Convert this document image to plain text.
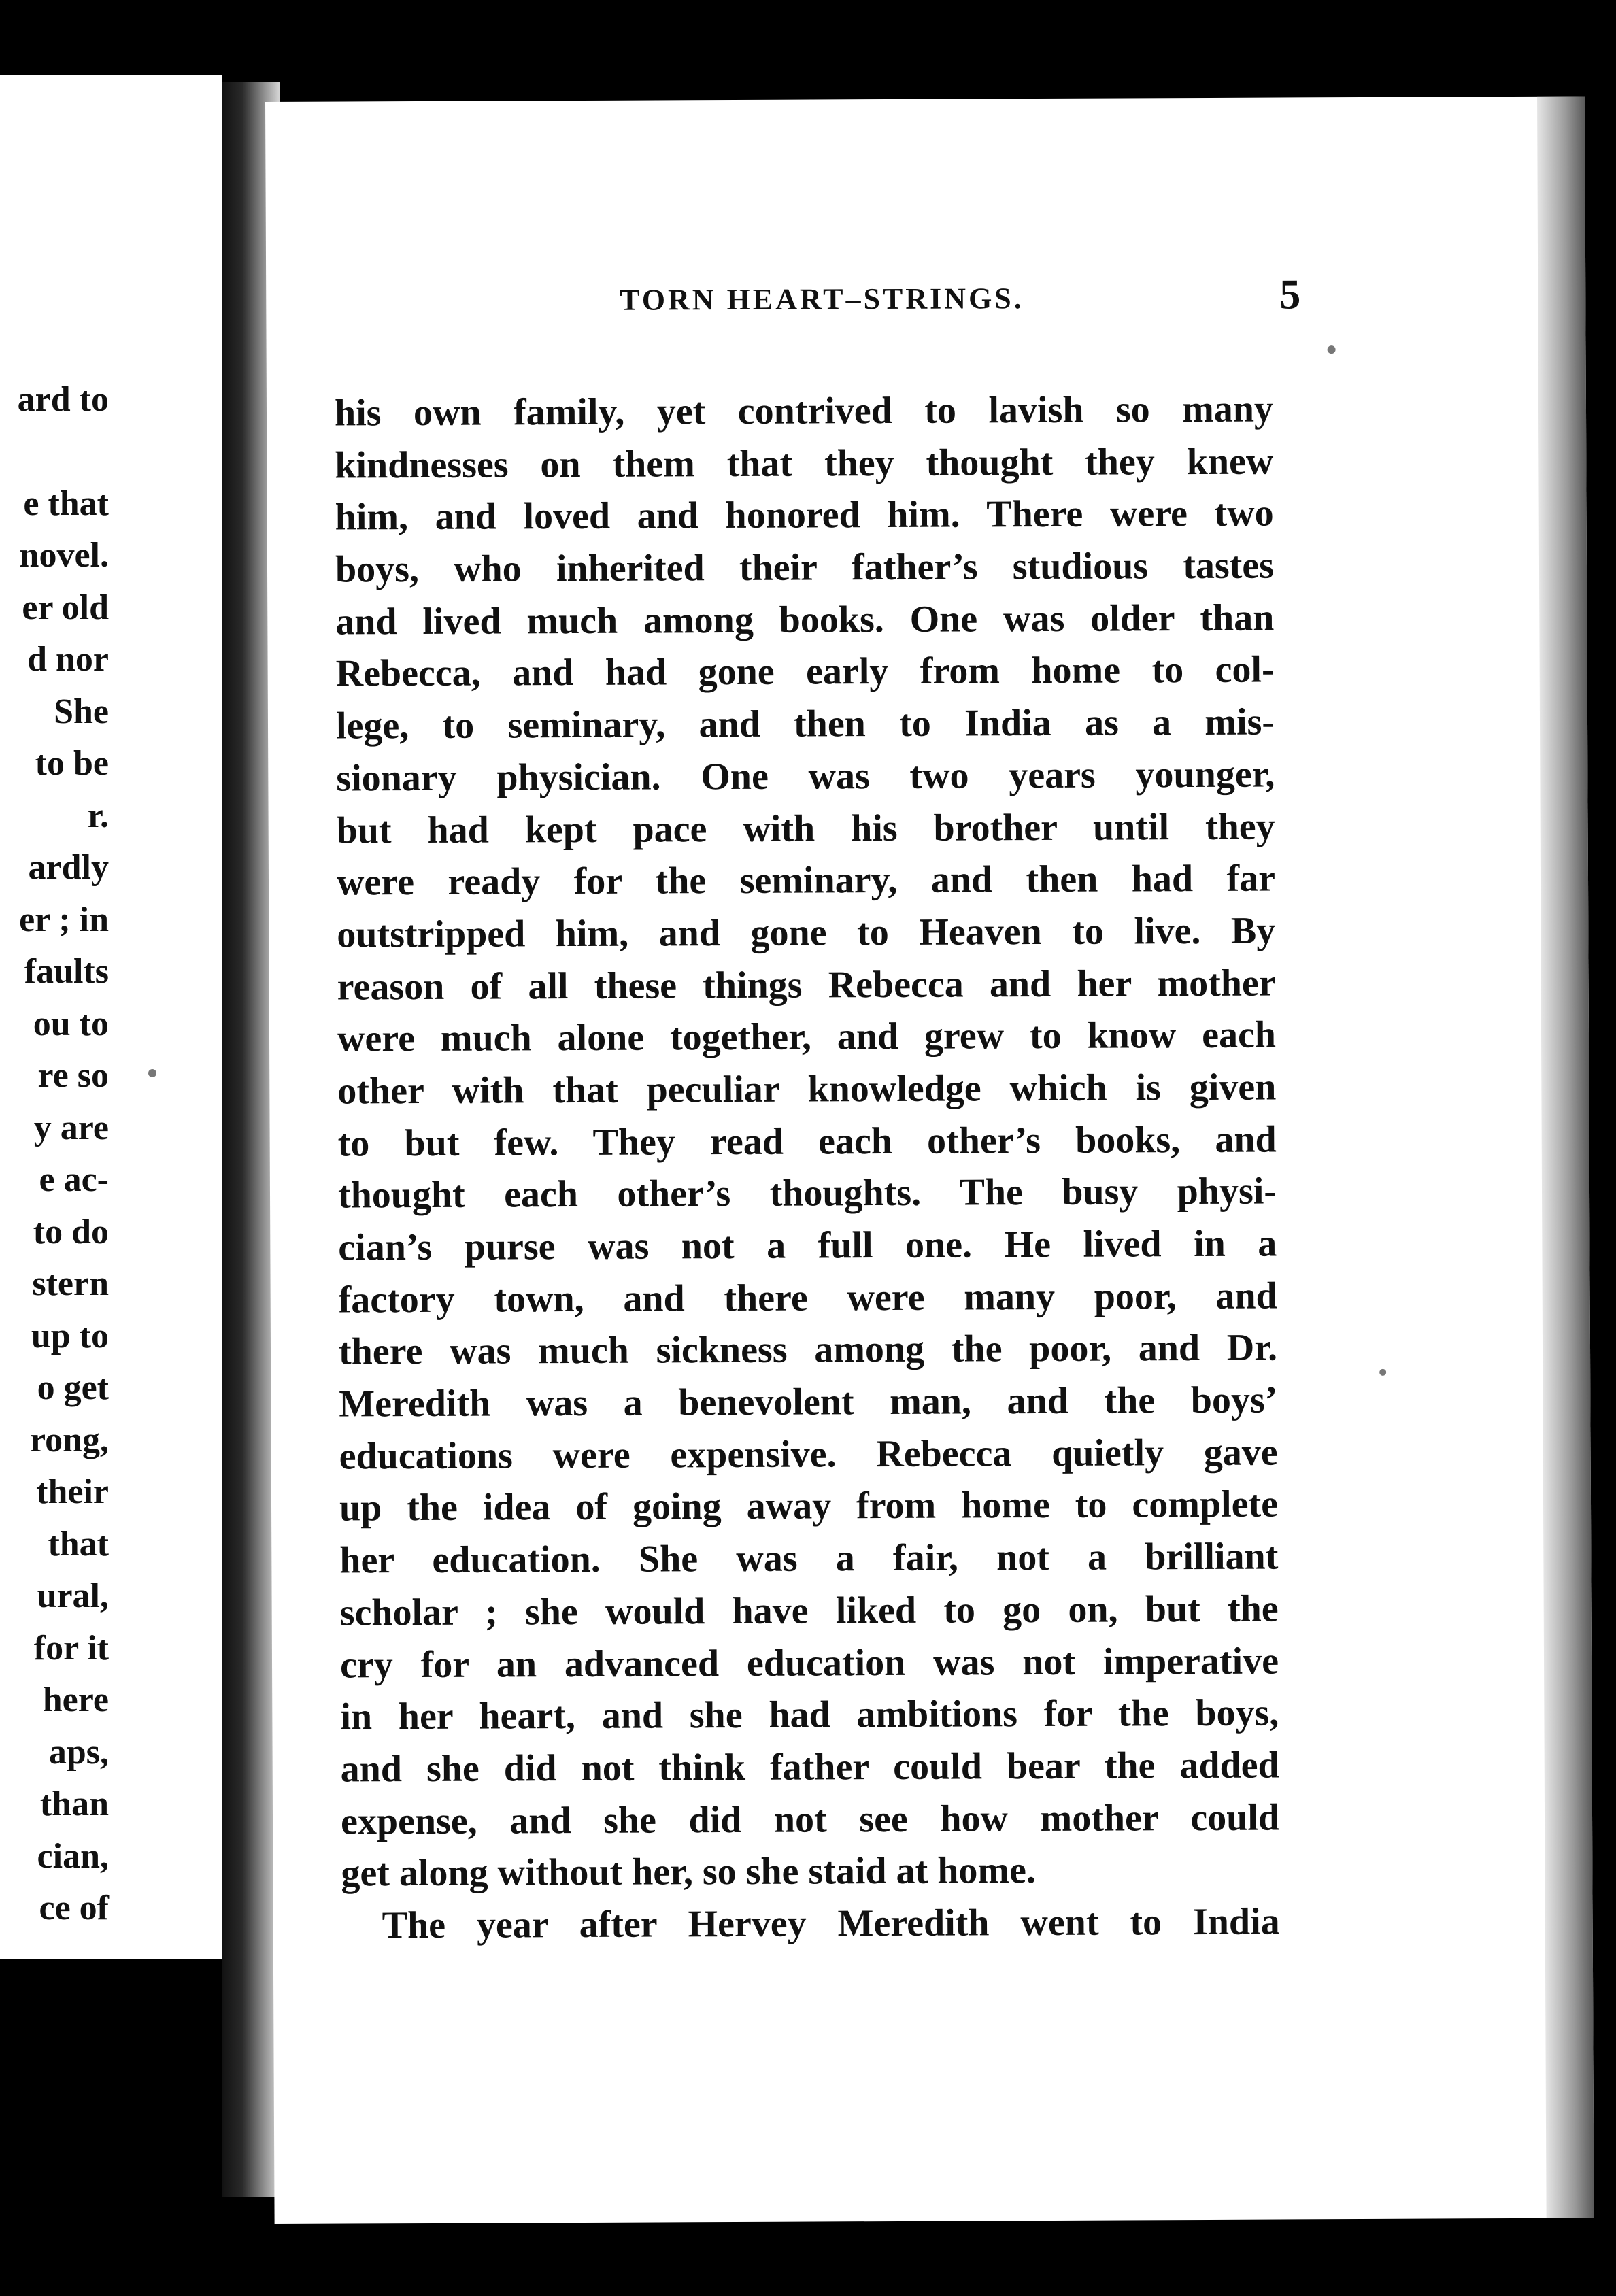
ard to
e that
novel.
er old
d nor
She
to be
r.
ardly
er ; in
faults
ou to
re so
y are
e ac-
to do
stern
up to
o get
rong,
their
that
ural,
for it
here
aps,
than
cian,
ce of
TORN HEART–STRINGS.	5
his own family, yet contrived to lavish so many
kindnesses on them that they thought they knew
him, and loved and honored him. There were two
boys, who inherited their father’s studious tastes
and lived much among books. One was older than
Rebecca, and had gone early from home to col-
lege, to seminary, and then to India as a mis-
sionary physician. One was two years younger,
but had kept pace with his brother until they
were ready for the seminary, and then had far
outstripped him, and gone to Heaven to live. By
reason of all these things Rebecca and her mother
were much alone together, and grew to know each
other with that peculiar knowledge which is given
to but few. They read each other’s books, and
thought each other’s thoughts. The busy physi-
cian’s purse was not a full one. He lived in a
factory town, and there were many poor, and
there was much sickness among the poor, and Dr.
Meredith was a benevolent man, and the boys’
educations were expensive. Rebecca quietly gave
up the idea of going away from home to complete
her education. She was a fair, not a brilliant
scholar ; she would have liked to go on, but the
cry for an advanced education was not imperative
in her heart, and she had ambitions for the boys,
and she did not think father could bear the added
expense, and she did not see how mother could
get along without her, so she staid at home.
The year after Hervey Meredith went to India
